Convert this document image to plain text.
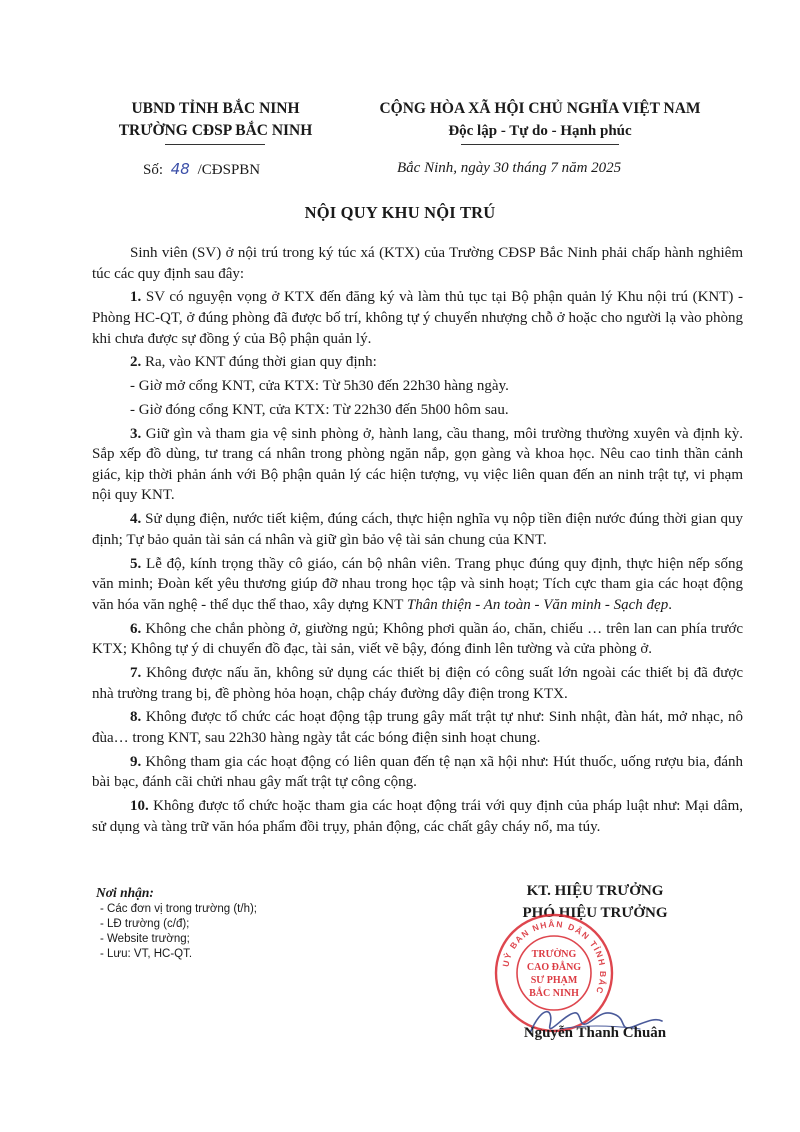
UBND TỈNH BẮC NINH
TRƯỜNG CĐSP BẮC NINH
CỘNG HÒA XÃ HỘI CHỦ NGHĨA VIỆT NAM
Độc lập - Tự do - Hạnh phúc
Số: 48 /CĐSPBN	Bắc Ninh, ngày 30 tháng 7 năm 2025
NỘI QUY KHU NỘI TRÚ

Sinh viên (SV) ở nội trú trong ký túc xá (KTX) của Trường CĐSP Bắc Ninh phải chấp hành nghiêm túc các quy định sau đây:

1. SV có nguyện vọng ở KTX đến đăng ký và làm thủ tục tại Bộ phận quản lý Khu nội trú (KNT) - Phòng HC-QT, ở đúng phòng đã được bố trí, không tự ý chuyển nhượng chỗ ở hoặc cho người lạ vào phòng khi chưa được sự đồng ý của Bộ phận quản lý.

2. Ra, vào KNT đúng thời gian quy định:

- Giờ mở cổng KNT, cửa KTX: Từ 5h30 đến 22h30 hàng ngày.

- Giờ đóng cổng KNT, cửa KTX: Từ 22h30 đến 5h00 hôm sau.

3. Giữ gìn và tham gia vệ sinh phòng ở, hành lang, cầu thang, môi trường thường xuyên và định kỳ. Sắp xếp đồ dùng, tư trang cá nhân trong phòng ngăn nắp, gọn gàng và khoa học. Nêu cao tinh thần cảnh giác, kịp thời phản ánh với Bộ phận quản lý các hiện tượng, vụ việc liên quan đến an ninh trật tự, vi phạm nội quy KNT.

4. Sử dụng điện, nước tiết kiệm, đúng cách, thực hiện nghĩa vụ nộp tiền điện nước đúng thời gian quy định; Tự bảo quản tài sản cá nhân và giữ gìn bảo vệ tài sản chung của KNT.

5. Lễ độ, kính trọng thầy cô giáo, cán bộ nhân viên. Trang phục đúng quy định, thực hiện nếp sống văn minh; Đoàn kết yêu thương giúp đỡ nhau trong học tập và sinh hoạt; Tích cực tham gia các hoạt động văn hóa văn nghệ - thể dục thể thao, xây dựng KNT Thân thiện - An toàn - Văn minh - Sạch đẹp.

6. Không che chắn phòng ở, giường ngủ; Không phơi quần áo, chăn, chiếu … trên lan can phía trước KTX; Không tự ý di chuyển đồ đạc, tài sản, viết vẽ bậy, đóng đinh lên tường và cửa phòng ở.

7. Không được nấu ăn, không sử dụng các thiết bị điện có công suất lớn ngoài các thiết bị đã được nhà trường trang bị, đề phòng hỏa hoạn, chập cháy đường dây điện trong KTX.

8. Không được tổ chức các hoạt động tập trung gây mất trật tự như: Sinh nhật, đàn hát, mở nhạc, nô đùa… trong KNT, sau 22h30 hàng ngày tắt các bóng điện sinh hoạt chung.

9. Không tham gia các hoạt động có liên quan đến tệ nạn xã hội như: Hút thuốc, uống rượu bia, đánh bài bạc, đánh cãi chửi nhau gây mất trật tự công cộng.

10. Không được tổ chức hoặc tham gia các hoạt động trái với quy định của pháp luật như: Mại dâm, sử dụng và tàng trữ văn hóa phẩm đồi trụy, phản động, các chất gây cháy nổ, ma túy.

Nơi nhận:
- Các đơn vị trong trường (t/h);
- LĐ trường (c/đ);
- Website trường;
- Lưu: VT, HC-QT.
KT. HIỆU TRƯỞNG
PHÓ HIỆU TRƯỞNG
UỶ BAN NHÂN DÂN TỈNH BẮC
TRƯỜNG
CAO ĐẲNG
SƯ PHẠM
BẮC NINH
Nguyễn Thanh Chuân
